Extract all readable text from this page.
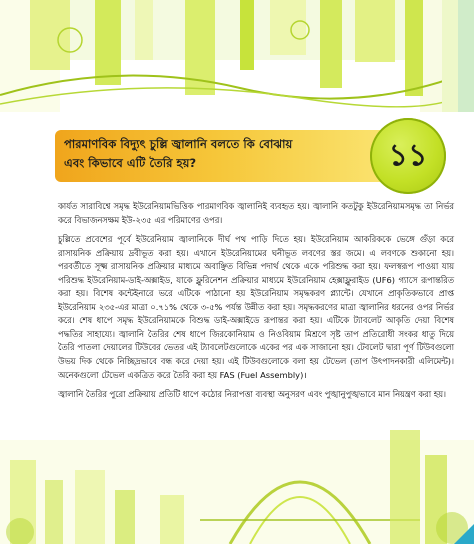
পারমাণবিক বিদ্যুৎ চুল্লি জ্বালানি বলতে কি বোঝায়
এবং কিভাবে এটি তৈরি হয়?	১১

কার্যত সারাবিশ্বে সমৃদ্ধ ইউরেনিয়ামভিত্তিক পারমাণবিক জ্বালানিই ব্যবহৃত হয়। জ্বালানি কতটুকু ইউরেনিয়ামসমৃদ্ধ তা নির্ভর করে বিভাজনসক্ষম ইউ-২৩৫ এর পরিমাণের ওপর।

চুল্লিতে প্রবেশের পূর্বে ইউরেনিয়াম জ্বালানিকে দীর্ঘ পথ পাড়ি দিতে হয়। ইউরেনিয়াম আকরিককে ভেঙ্গে গুঁড়া করে রাসায়নিক প্রক্রিয়ায় দ্রবীভূত করা হয়। এখানে ইউরেনিয়ামের ঘনীভূত লবণের স্তর জমে। এ লবণকে শুকানো হয়। পরবর্তীতে সূক্ষ্ম রাসায়নিক প্রক্রিয়ার মাধ্যমে অবাঞ্ছিত বিভিন্ন পদার্থ থেকে একে পরিশুদ্ধ করা হয়। ফলস্বরূপ পাওয়া যায় পরিশুদ্ধ ইউরেনিয়াম-ডাই-অক্সাইড, যাকে ফ্লুরিনেশন প্রক্রিয়ার মাধ্যমে ইউরেনিয়াম হেক্সাফ্লুরাইড (UF6) গ্যাসে রূপান্তরিত করা হয়। বিশেষ কন্টেইনারে ভরে এটিকে পাঠানো হয় ইউরেনিয়াম সমৃদ্ধকরণ প্ল্যান্টে। যেখানে প্রাকৃতিকভাবে প্রাপ্ত ইউরেনিয়াম ২৩৫-এর মাত্রা ০.৭১% থেকে ৩-৫% পর্যন্ত উন্নীত করা হয়। সমৃদ্ধকরণের মাত্রা জ্বালানির ধরনের ওপর নির্ভর করে। শেষ ধাপে সমৃদ্ধ ইউরেনিয়ামকে বিশুদ্ধ ডাই-অক্সাইডে রূপান্তর করা হয়। এটিকে ট্যাবলেট আকৃতি দেয়া বিশেষ পদ্ধতির সাহায্যে। জ্বালানি তৈরির শেষ ধাপে জিরকোনিয়াম ও নিওবিয়াম মিশ্রণে সৃষ্ট তাপ প্রতিরোধী সংকর ধাতু দিয়ে তৈরি পাতলা দেয়ালের টিউবের ভেতর এই ট্যাবলেটগুলোকে একের পর এক সাজানো হয়। টেবলেট দ্বারা পূর্ণ টিউবগুলো উভয় দিক থেকে নিচ্ছিদ্রভাবে বন্ধ করে দেয়া হয়। এই টিউবগুলোকে বলা হয় টেভেল (তাপ উৎপাদনকারী এলিমেন্ট)। অনেকগুলো টেভেল একত্রিত করে তৈরি করা হয় FAS (Fuel Assembly)।

জ্বালানি তৈরির পুরো প্রক্রিয়ায় প্রতিটি ধাপে কঠোর নিরাপত্তা ব্যবস্থা অনুসরণ এবং পুঙ্খানুপুঙ্খভাবে মান নিয়ন্ত্রণ করা হয়।
